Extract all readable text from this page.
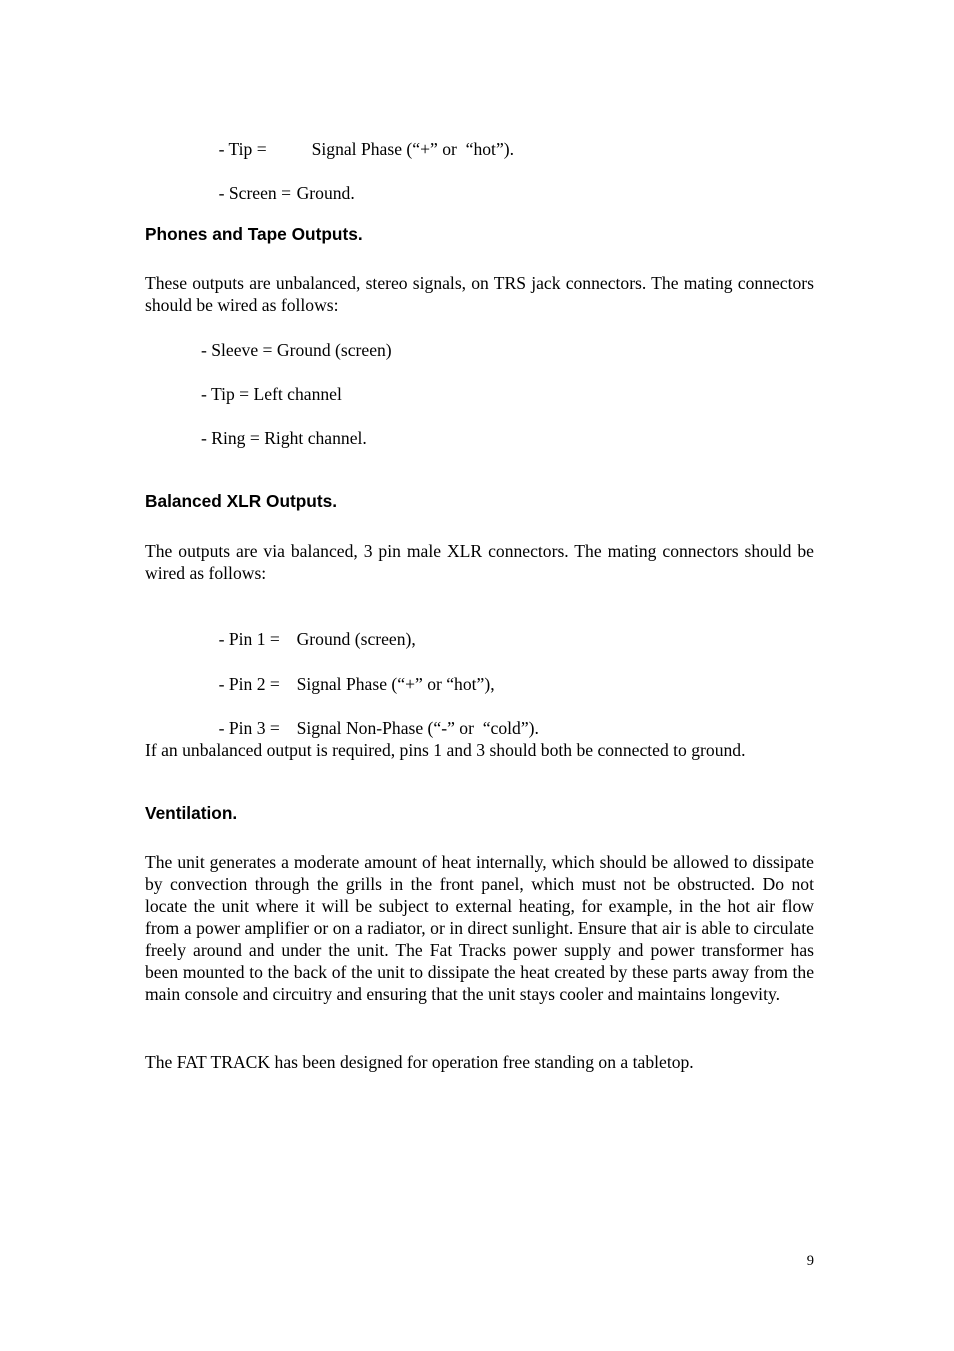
- Tip =	Signal Phase (“+” or  “hot”).

- Screen = Ground.

Phones and Tape Outputs.
These outputs are unbalanced, stereo signals, on TRS jack connectors. The mating connectors should be wired as follows:
- Sleeve = Ground (screen)
- Tip = Left channel
- Ring = Right channel.
Balanced XLR Outputs.
The outputs are via balanced, 3 pin male XLR connectors. The mating connectors should be wired as follows:

- Pin 1 = Ground (screen),

- Pin 2 = Signal Phase (“+” or “hot”),

- Pin 3 = Signal Non-Phase (“-” or  “cold”).

If an unbalanced output is required, pins 1 and 3 should both be connected to ground.
Ventilation.
The unit generates a moderate amount of heat internally, which should be allowed to dissipate by convection through the grills in the front panel, which must not be obstructed. Do not locate the unit where it will be subject to external heating, for example, in the hot air flow from a power amplifier or on a radiator, or in direct sunlight. Ensure that air is able to circulate freely around and under the unit. The Fat Tracks power supply and power transformer has been mounted to the back of the unit to dissipate the heat created by these parts away from the main console and circuitry and ensuring that the unit stays cooler and maintains longevity.
The FAT TRACK has been designed for operation free standing on a tabletop.
9
